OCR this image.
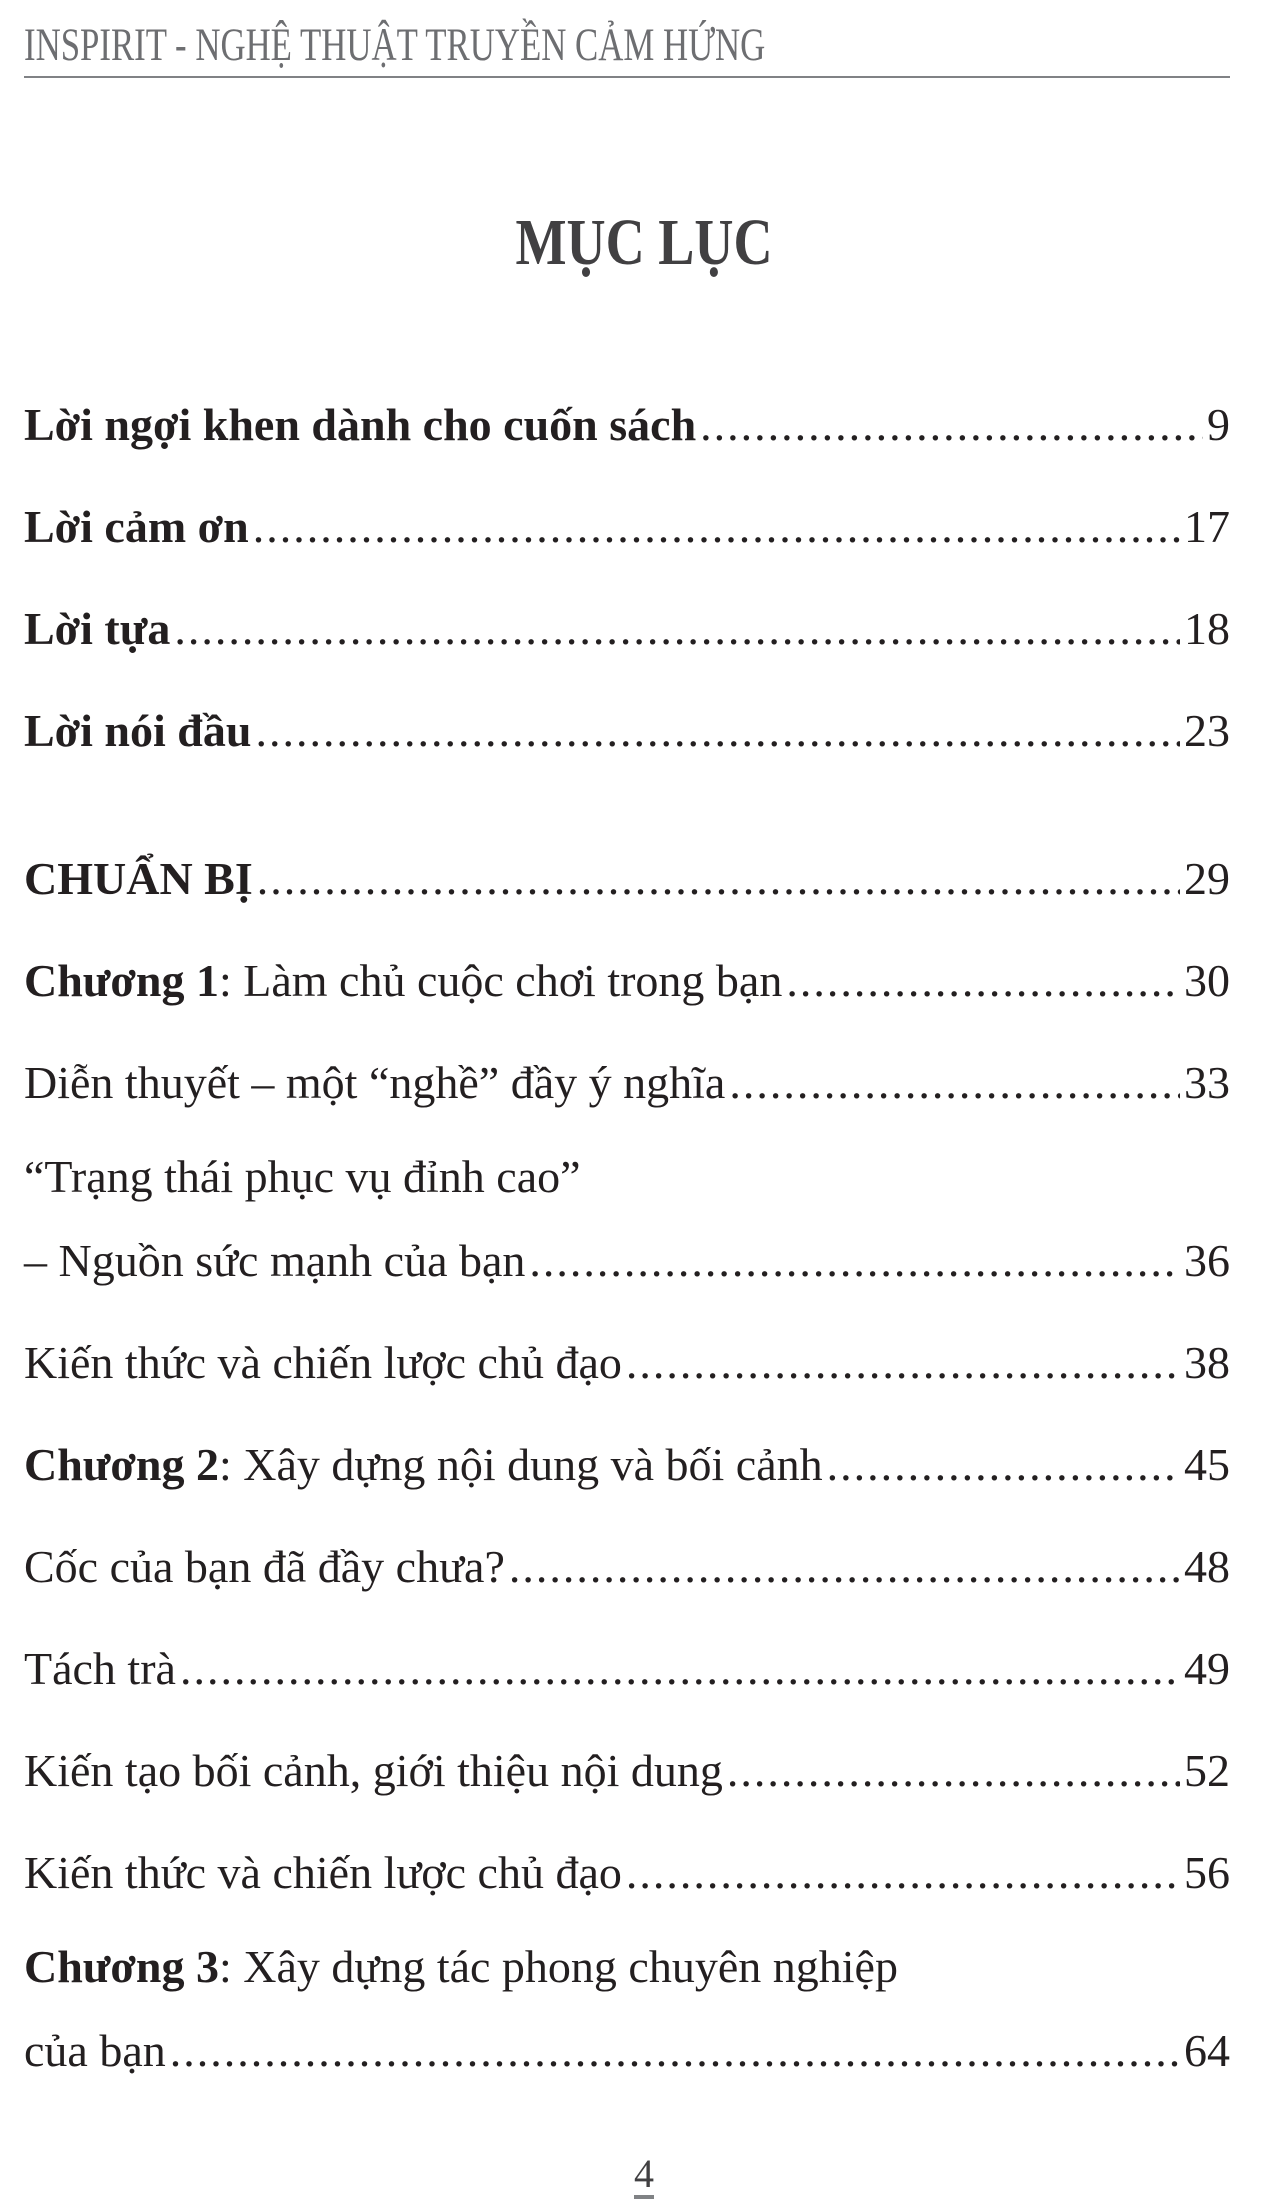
INSPIRIT - NGHỆ THUẬT TRUYỀN CẢM HỨNG
MỤC LỤC
Lời ngợi khen dành cho cuốn sách .....	9
Lời cảm ơn .....	17
Lời tựa .....	18
Lời nói đầu .....	23
CHUẨN BỊ .....	29
Chương 1: Làm chủ cuộc chơi trong bạn .....	30
Diễn thuyết – một “nghề” đầy ý nghĩa .....	33
“Trạng thái phục vụ đỉnh cao”
– Nguồn sức mạnh của bạn .....	36
Kiến thức và chiến lược chủ đạo .....	38
Chương 2: Xây dựng nội dung và bối cảnh .....	45
Cốc của bạn đã đầy chưa? .....	48
Tách trà .....	49
Kiến tạo bối cảnh, giới thiệu nội dung .....	52
Kiến thức và chiến lược chủ đạo .....	56
Chương 3: Xây dựng tác phong chuyên nghiệp
của bạn .....	64
4
